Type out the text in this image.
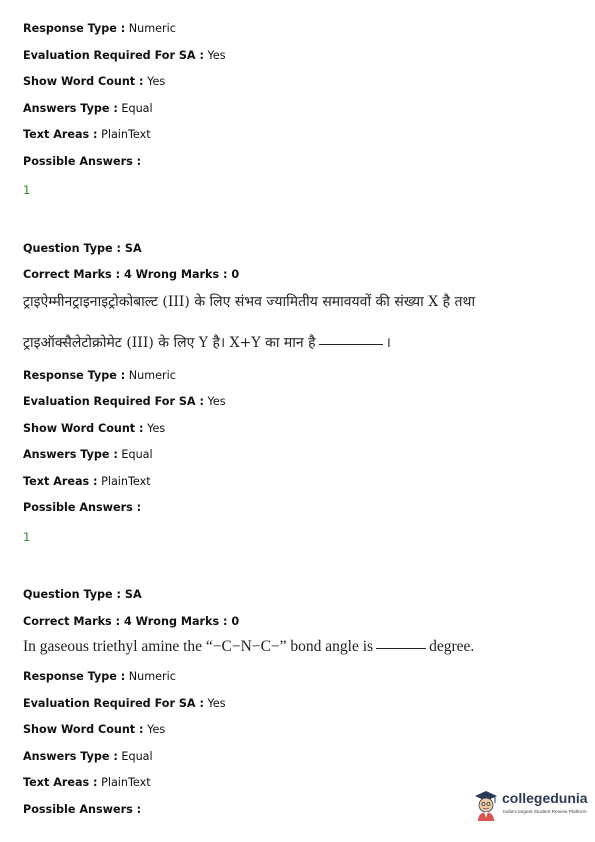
Response Type : Numeric
Evaluation Required For SA : Yes
Show Word Count : Yes
Answers Type : Equal
Text Areas : PlainText
Possible Answers :
1
Question Type : SA
Correct Marks : 4 Wrong Marks : 0
ट्राइऐम्मीनट्राइनाइट्रोकोबाल्ट (III) के लिए संभव ज्यामितीय समावयवों की संख्या X है तथा
ट्राइऑक्सैलेटोक्रोमेट (III) के लिए Y है। X+Y का मान है	।
Response Type : Numeric
Evaluation Required For SA : Yes
Show Word Count : Yes
Answers Type : Equal
Text Areas : PlainText
Possible Answers :
1
Question Type : SA
Correct Marks : 4 Wrong Marks : 0
In gaseous triethyl amine the “−C−N−C−” bond angle is	degree.
Response Type : Numeric
Evaluation Required For SA : Yes
Show Word Count : Yes
Answers Type : Equal
Text Areas : PlainText
Possible Answers :
collegedunia
India's largest Student Review Platform
